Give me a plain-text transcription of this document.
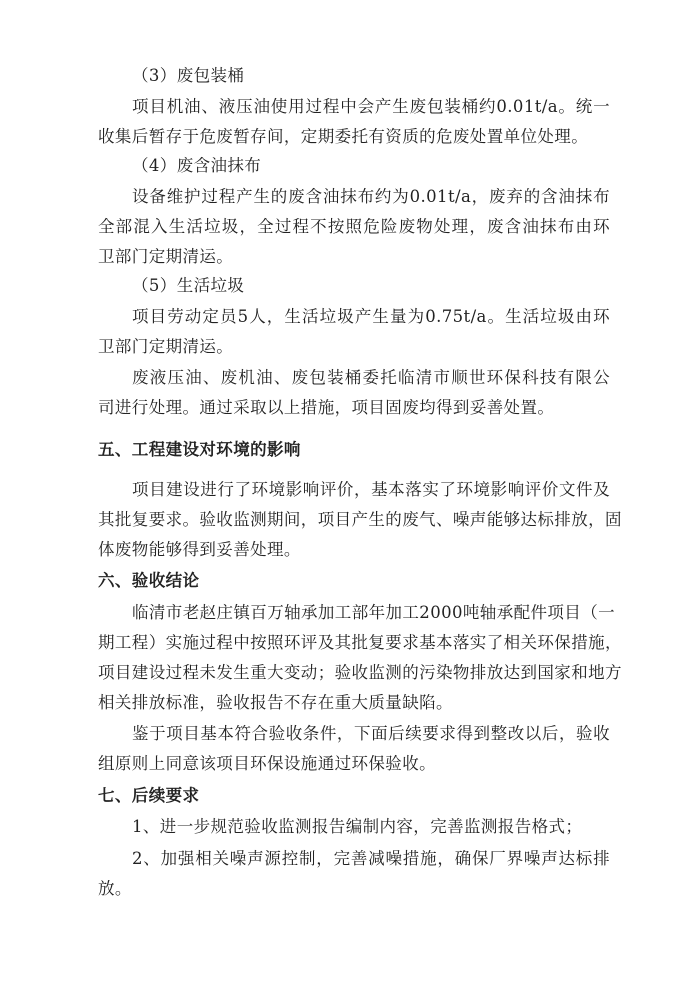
（3）废包装桶
项目机油、液压油使用过程中会产生废包装桶约0.01t/a。统一
收集后暂存于危废暂存间，定期委托有资质的危废处置单位处理。
（4）废含油抹布
设备维护过程产生的废含油抹布约为0.01t/a，废弃的含油抹布
全部混入生活垃圾，全过程不按照危险废物处理，废含油抹布由环
卫部门定期清运。
（5）生活垃圾
项目劳动定员5人，生活垃圾产生量为0.75t/a。生活垃圾由环
卫部门定期清运。
废液压油、废机油、废包装桶委托临清市顺世环保科技有限公
司进行处理。通过采取以上措施，项目固废均得到妥善处置。
五、工程建设对环境的影响
项目建设进行了环境影响评价，基本落实了环境影响评价文件及
其批复要求。验收监测期间，项目产生的废气、噪声能够达标排放，固
体废物能够得到妥善处理。
六、验收结论
临清市老赵庄镇百万轴承加工部年加工2000吨轴承配件项目（一
期工程）实施过程中按照环评及其批复要求基本落实了相关环保措施，
项目建设过程未发生重大变动；验收监测的污染物排放达到国家和地方
相关排放标准，验收报告不存在重大质量缺陷。
鉴于项目基本符合验收条件，下面后续要求得到整改以后，验收
组原则上同意该项目环保设施通过环保验收。
七、后续要求
1、进一步规范验收监测报告编制内容，完善监测报告格式；
2、加强相关噪声源控制，完善减噪措施，确保厂界噪声达标排
放。
